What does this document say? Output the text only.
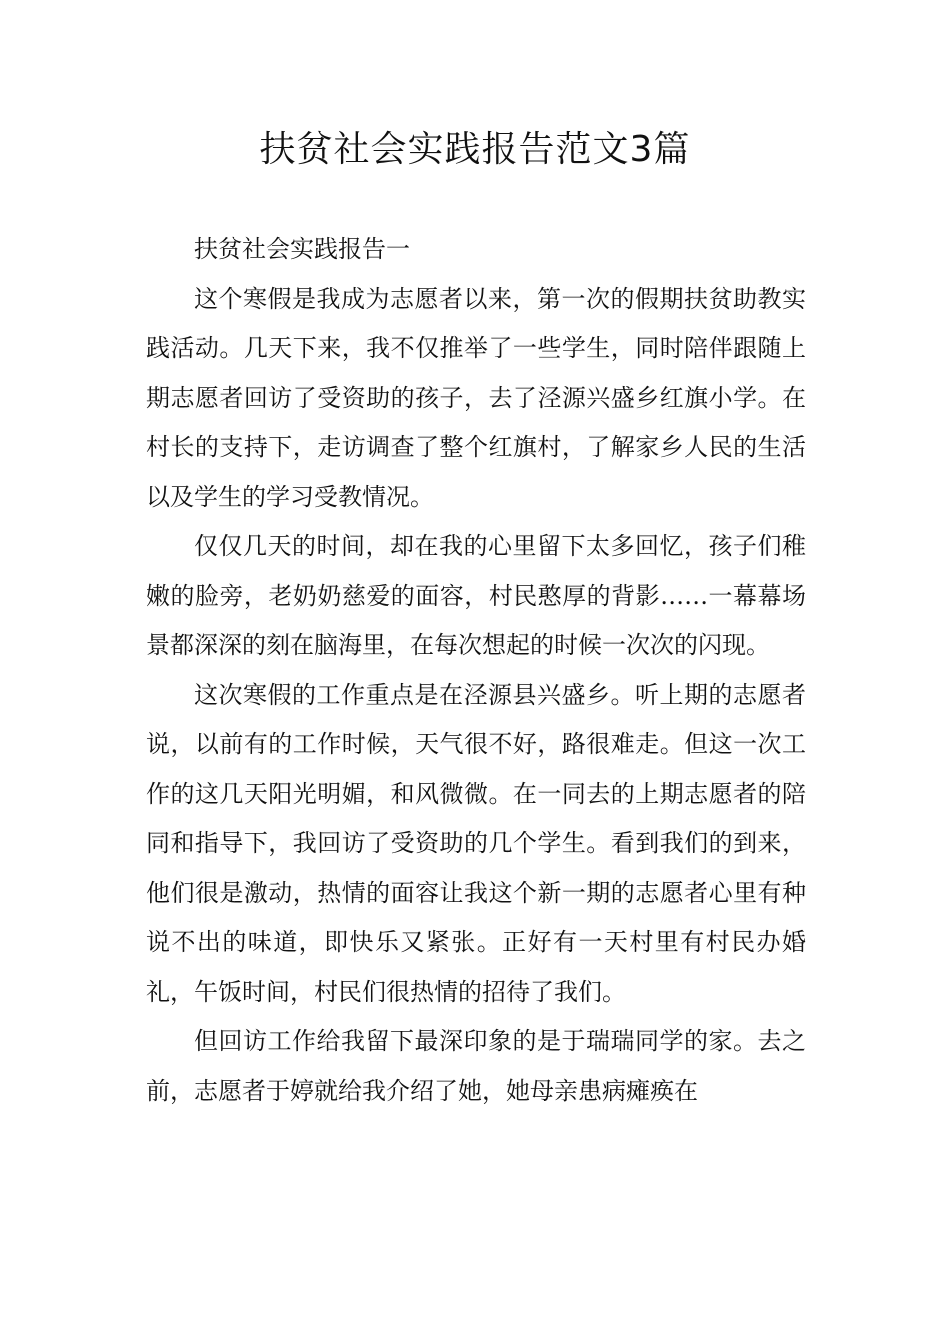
扶贫社会实践报告范文3篇

扶贫社会实践报告一

这个寒假是我成为志愿者以来，第一次的假期扶贫助教实践活动。几天下来，我不仅推举了一些学生，同时陪伴跟随上期志愿者回访了受资助的孩子，去了泾源兴盛乡红旗小学。在村长的支持下，走访调查了整个红旗村，了解家乡人民的生活以及学生的学习受教情况。

仅仅几天的时间，却在我的心里留下太多回忆，孩子们稚嫩的脸旁，老奶奶慈爱的面容，村民憨厚的背影……一幕幕场景都深深的刻在脑海里，在每次想起的时候一次次的闪现。

这次寒假的工作重点是在泾源县兴盛乡。听上期的志愿者说，以前有的工作时候，天气很不好，路很难走。但这一次工作的这几天阳光明媚，和风微微。在一同去的上期志愿者的陪同和指导下，我回访了受资助的几个学生。看到我们的到来，他们很是激动，热情的面容让我这个新一期的志愿者心里有种说不出的味道，即快乐又紧张。正好有一天村里有村民办婚礼，午饭时间，村民们很热情的招待了我们。

但回访工作给我留下最深印象的是于瑞瑞同学的家。去之前，志愿者于婷就给我介绍了她，她母亲患病瘫痪在
